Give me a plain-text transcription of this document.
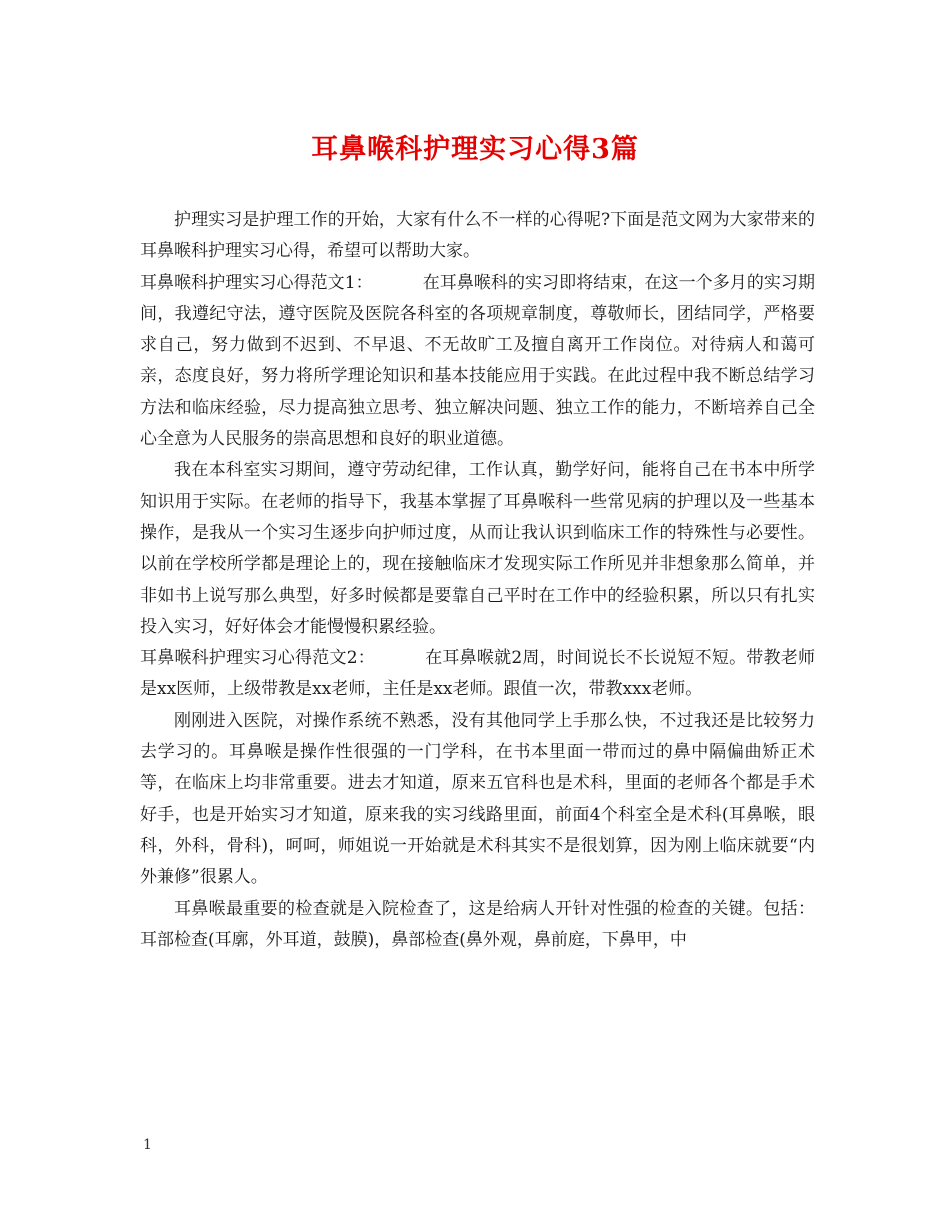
耳鼻喉科护理实习心得3篇

护理实习是护理工作的开始，大家有什么不一样的心得呢?下面是范文网为大家带来的耳鼻喉科护理实习心得，希望可以帮助大家。

耳鼻喉科护理实习心得范文1：	在耳鼻喉科的实习即将结束，在这一个多月的实习期间，我遵纪守法，遵守医院及医院各科室的各项规章制度，尊敬师长，团结同学，严格要求自己，努力做到不迟到、不早退、不无故旷工及擅自离开工作岗位。对待病人和蔼可亲，态度良好，努力将所学理论知识和基本技能应用于实践。在此过程中我不断总结学习方法和临床经验，尽力提高独立思考、独立解决问题、独立工作的能力，不断培养自己全心全意为人民服务的崇高思想和良好的职业道德。

我在本科室实习期间，遵守劳动纪律，工作认真，勤学好问，能将自己在书本中所学知识用于实际。在老师的指导下，我基本掌握了耳鼻喉科一些常见病的护理以及一些基本操作，是我从一个实习生逐步向护师过度，从而让我认识到临床工作的特殊性与必要性。以前在学校所学都是理论上的，现在接触临床才发现实际工作所见并非想象那么简单，并非如书上说写那么典型，好多时候都是要靠自己平时在工作中的经验积累，所以只有扎实投入实习，好好体会才能慢慢积累经验。

耳鼻喉科护理实习心得范文2：	在耳鼻喉就2周，时间说长不长说短不短。带教老师是xx医师，上级带教是xx老师，主任是xx老师。跟值一次，带教xxx老师。

刚刚进入医院，对操作系统不熟悉，没有其他同学上手那么快，不过我还是比较努力去学习的。耳鼻喉是操作性很强的一门学科，在书本里面一带而过的鼻中隔偏曲矫正术等，在临床上均非常重要。进去才知道，原来五官科也是术科，里面的老师各个都是手术好手，也是开始实习才知道，原来我的实习线路里面，前面4个科室全是术科(耳鼻喉，眼科，外科，骨科)，呵呵，师姐说一开始就是术科其实不是很划算，因为刚上临床就要“内外兼修”很累人。

耳鼻喉最重要的检查就是入院检查了，这是给病人开针对性强的检查的关键。包括：耳部检查(耳廓，外耳道，鼓膜)，鼻部检查(鼻外观，鼻前庭，下鼻甲，中

1
